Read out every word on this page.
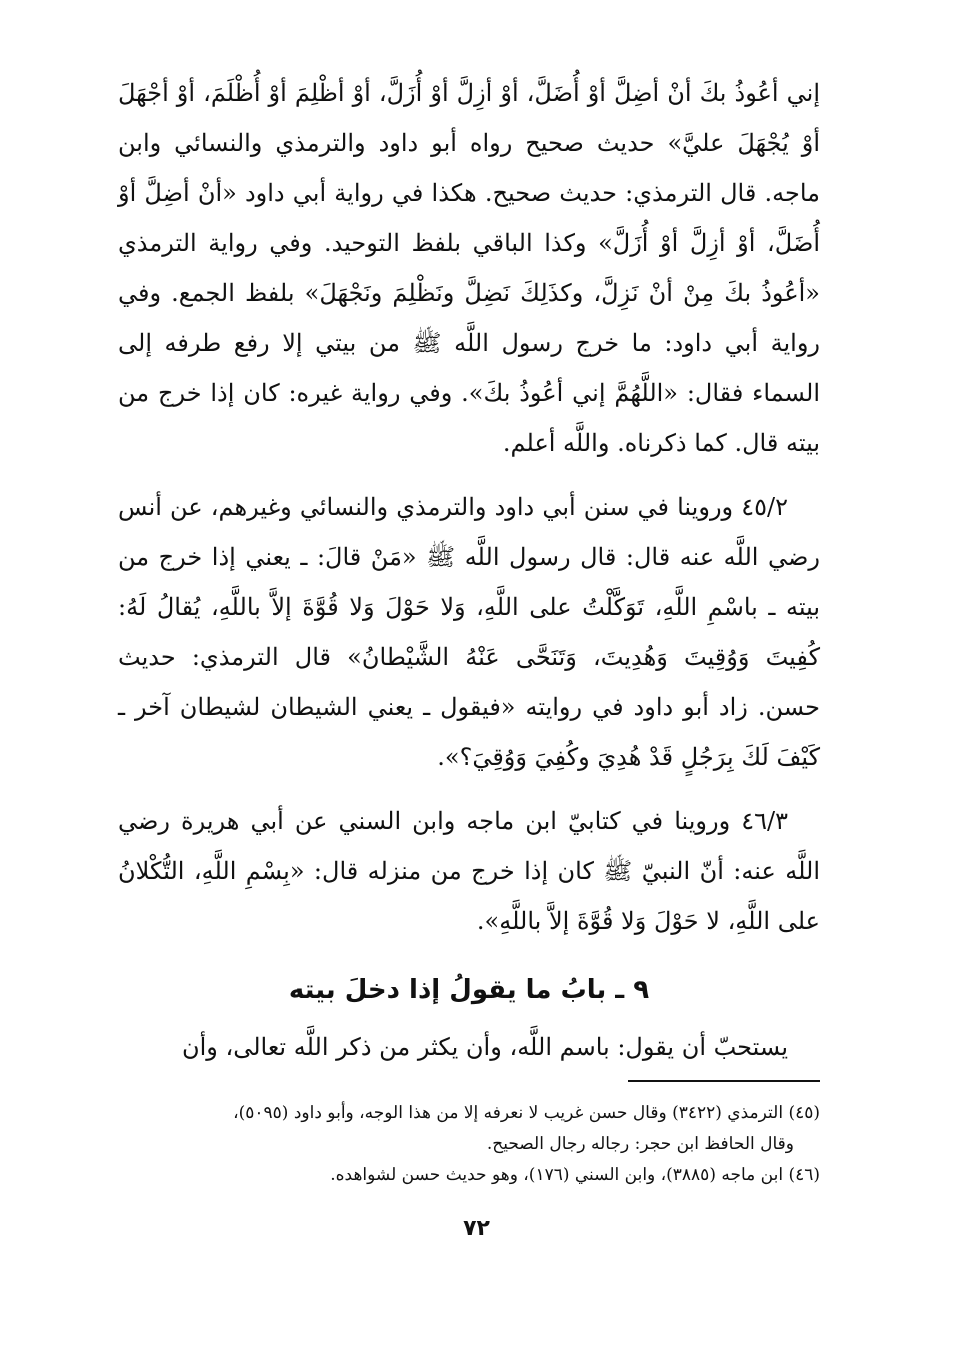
إني أعُوذُ بكَ أنْ أضِلَّ أوْ أُضَلَّ، أوْ أزِلَّ أوْ أُزَلَّ، أوْ أظْلِمَ أوْ أُظْلَمَ، أوْ أجْهَلَ أوْ يُجْهَلَ عليَّ» حديث صحيح رواه أبو داود والترمذي والنسائي وابن ماجه. قال الترمذي: حديث صحيح. هكذا في رواية أبي داود «أنْ أضِلَّ أوْ أُضَلَّ، أوْ أزِلَّ أوْ أُزَلَّ» وكذا الباقي بلفظ التوحيد. وفي رواية الترمذي «أعُوذُ بكَ مِنْ أنْ نَزِلَّ، وكذَلِكَ نَضِلَّ ونَظْلِمَ ونَجْهَلَ» بلفظ الجمع. وفي رواية أبي داود: ما خرج رسول اللَّه ﷺ من بيتي إلا رفع طرفه إلى السماء فقال: «اللَّهُمَّ إني أعُوذُ بكَ». وفي رواية غيره: كان إذا خرج من بيته قال. كما ذكرناه. واللَّه أعلم.

٤٥/٢ وروينا في سنن أبي داود والترمذي والنسائي وغيرهم، عن أنس رضي اللَّه عنه قال: قال رسول اللَّه ﷺ «مَنْ قالَ: ـ يعني إذا خرج من بيته ـ باسْمِ اللَّهِ، تَوَكَّلْتُ على اللَّهِ، وَلا حَوْلَ وَلا قُوَّةَ إلاَّ باللَّهِ، يُقالُ لَهُ: كُفِيتَ وَوُقِيتَ وَهُدِيتَ، وَتَنَحَّى عَنْهُ الشَّيْطانُ» قال الترمذي: حديث حسن. زاد أبو داود في روايته «فيقول ـ يعني الشيطان لشيطان آخر ـ كَيْفَ لَكَ بِرَجُلٍ قَدْ هُدِيَ وكُفِيَ وَوُقِيَ؟».

٤٦/٣ وروينا في كتابيّ ابن ماجه وابن السني عن أبي هريرة رضي اللَّه عنه: أنّ النبيّ ﷺ كان إذا خرج من منزله قال: «بِسْمِ اللَّهِ، التُّكْلانُ على اللَّهِ، لا حَوْلَ وَلا قُوَّةَ إلاَّ باللَّهِ».

٩ ـ بابُ ما يقولُ إذا دخلَ بيته

يستحبّ أن يقول: باسم اللَّه، وأن يكثر من ذكر اللَّه تعالى، وأن

(٤٥) الترمذي (٣٤٢٢) وقال حسن غريب لا نعرفه إلا من هذا الوجه، وأبو داود (٥٠٩٥)،

وقال الحافظ ابن حجر: رجاله رجال الصحيح.

(٤٦) ابن ماجه (٣٨٨٥)، وابن السني (١٧٦)، وهو حديث حسن لشواهده.

٧٢
